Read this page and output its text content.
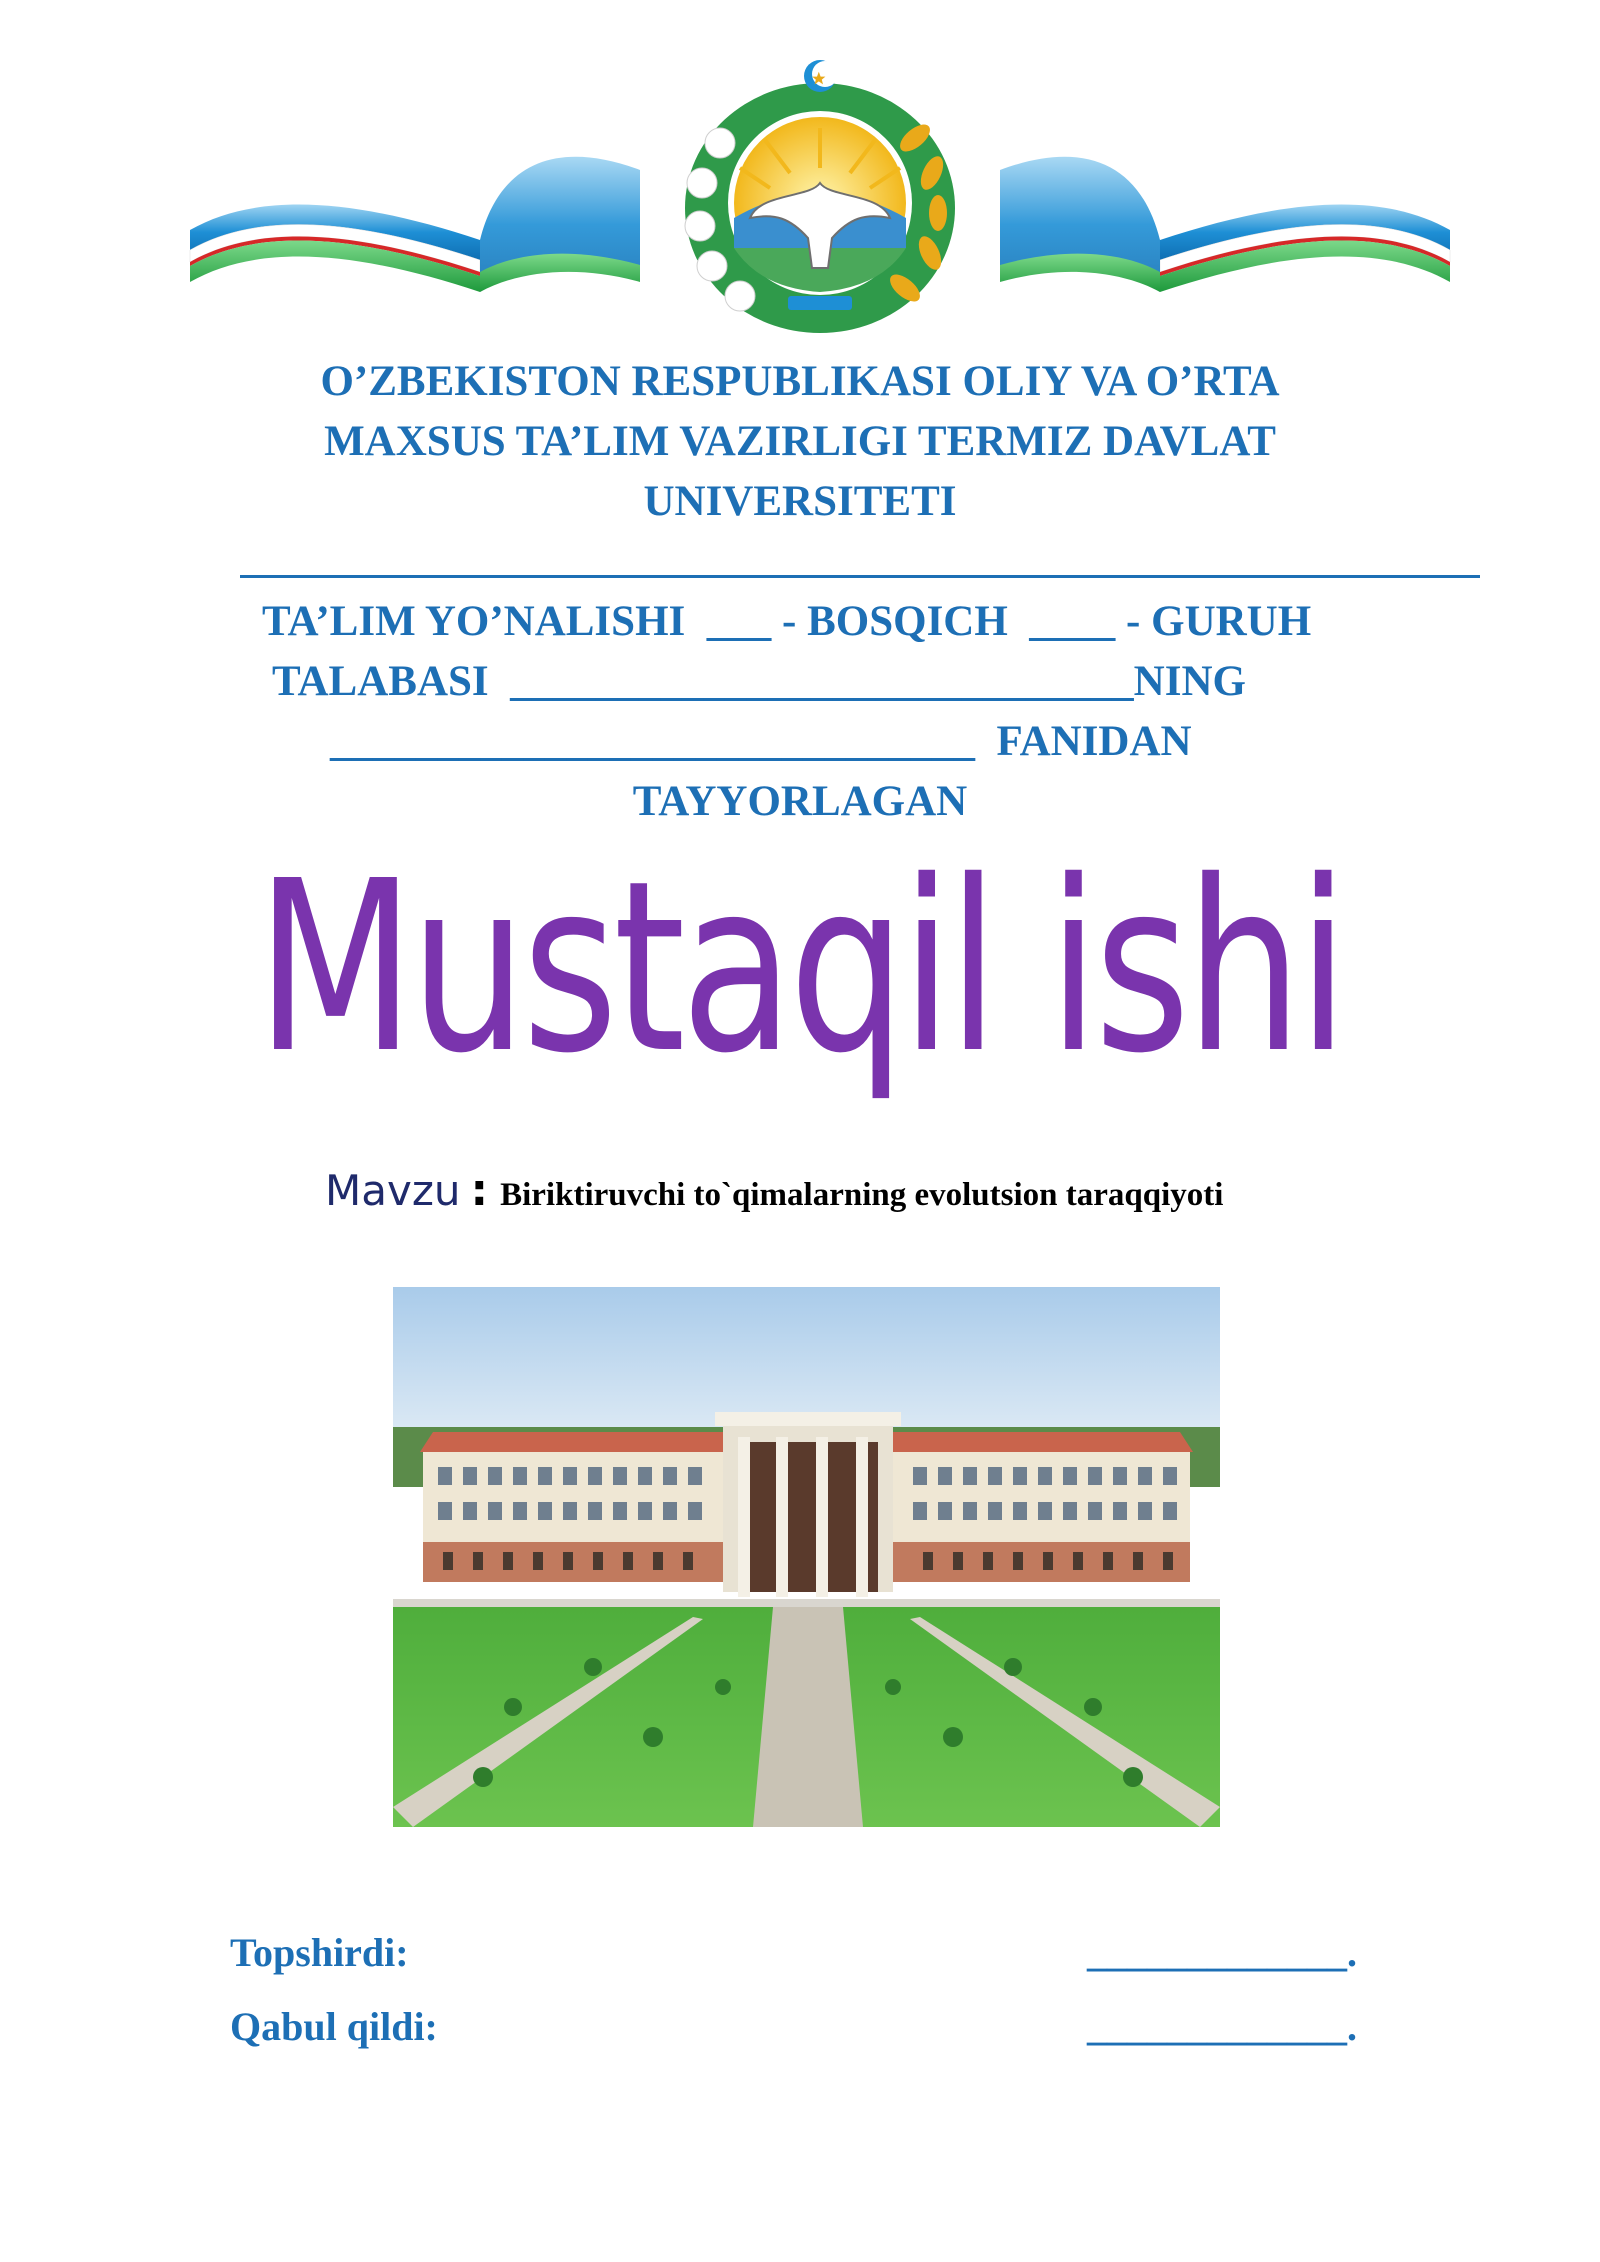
O’ZBEKISTON RESPUBLIKASI OLIY VA O’RTA
MAXSUS TA’LIM VAZIRLIGI TERMIZ DAVLAT
UNIVERSITETI
TA’LIM YO’NALISHI  ___ - BOSQICH  ____ - GURUH
TALABASI  _____________________________NING
______________________________  FANIDAN
TAYYORLAGAN
Mustaqil ishi
Mavzu : Biriktiruvchi to`qimalarning evolutsion taraqqiyoti
Topshirdi:	_____________.
Qabul qildi:	_____________.
